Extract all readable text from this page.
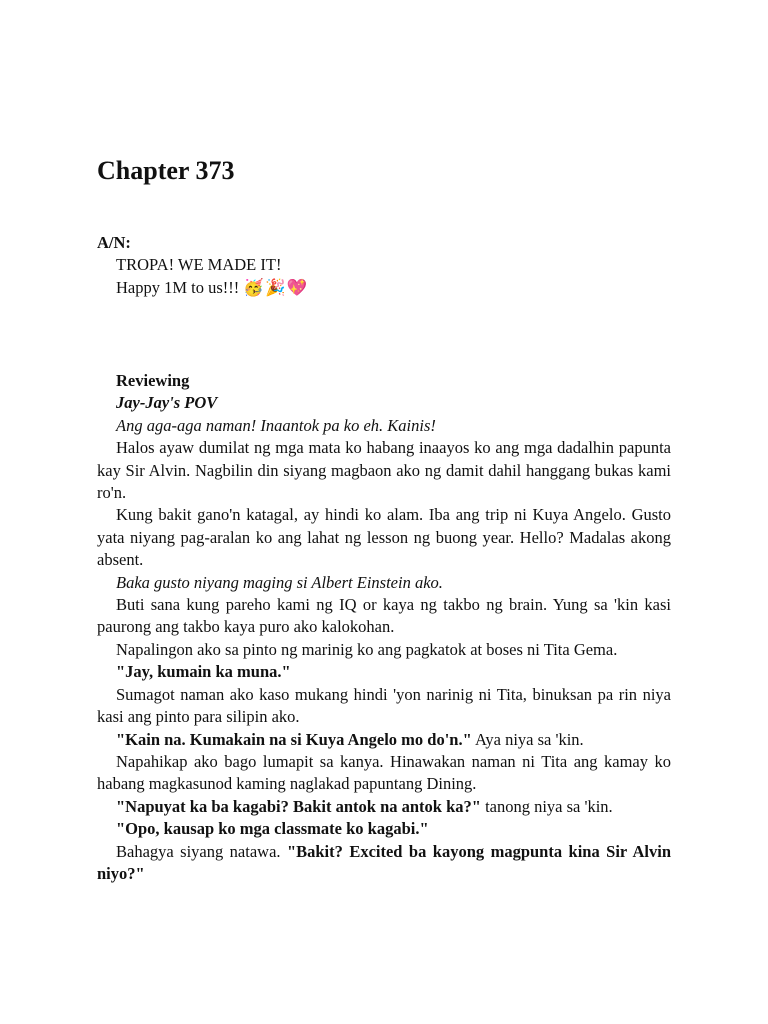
Chapter 373
A/N:
TROPA! WE MADE IT!
Happy 1M to us!!! 🥳🎉💖
Reviewing
Jay-Jay's POV
Ang aga-aga naman! Inaantok pa ko eh. Kainis!
Halos ayaw dumilat ng mga mata ko habang inaayos ko ang mga dadalhin papunta kay Sir Alvin. Nagbilin din siyang magbaon ako ng damit dahil hanggang bukas kami ro'n.
Kung bakit gano'n katagal, ay hindi ko alam. Iba ang trip ni Kuya Angelo. Gusto yata niyang pag-aralan ko ang lahat ng lesson ng buong year. Hello? Madalas akong absent.
Baka gusto niyang maging si Albert Einstein ako.
Buti sana kung pareho kami ng IQ or kaya ng takbo ng brain. Yung sa 'kin kasi paurong ang takbo kaya puro ako kalokohan.
Napalingon ako sa pinto ng marinig ko ang pagkatok at boses ni Tita Gema.
"Jay, kumain ka muna."
Sumagot naman ako kaso mukang hindi 'yon narinig ni Tita, binuksan pa rin niya kasi ang pinto para silipin ako.
"Kain na. Kumakain na si Kuya Angelo mo do'n." Aya niya sa 'kin.
Napahikap ako bago lumapit sa kanya. Hinawakan naman ni Tita ang kamay ko habang magkasunod kaming naglakad papuntang Dining.
"Napuyat ka ba kagabi? Bakit antok na antok ka?" tanong niya sa 'kin.
"Opo, kausap ko mga classmate ko kagabi."
Bahagya siyang natawa. "Bakit? Excited ba kayong magpunta kina Sir Alvin niyo?"
